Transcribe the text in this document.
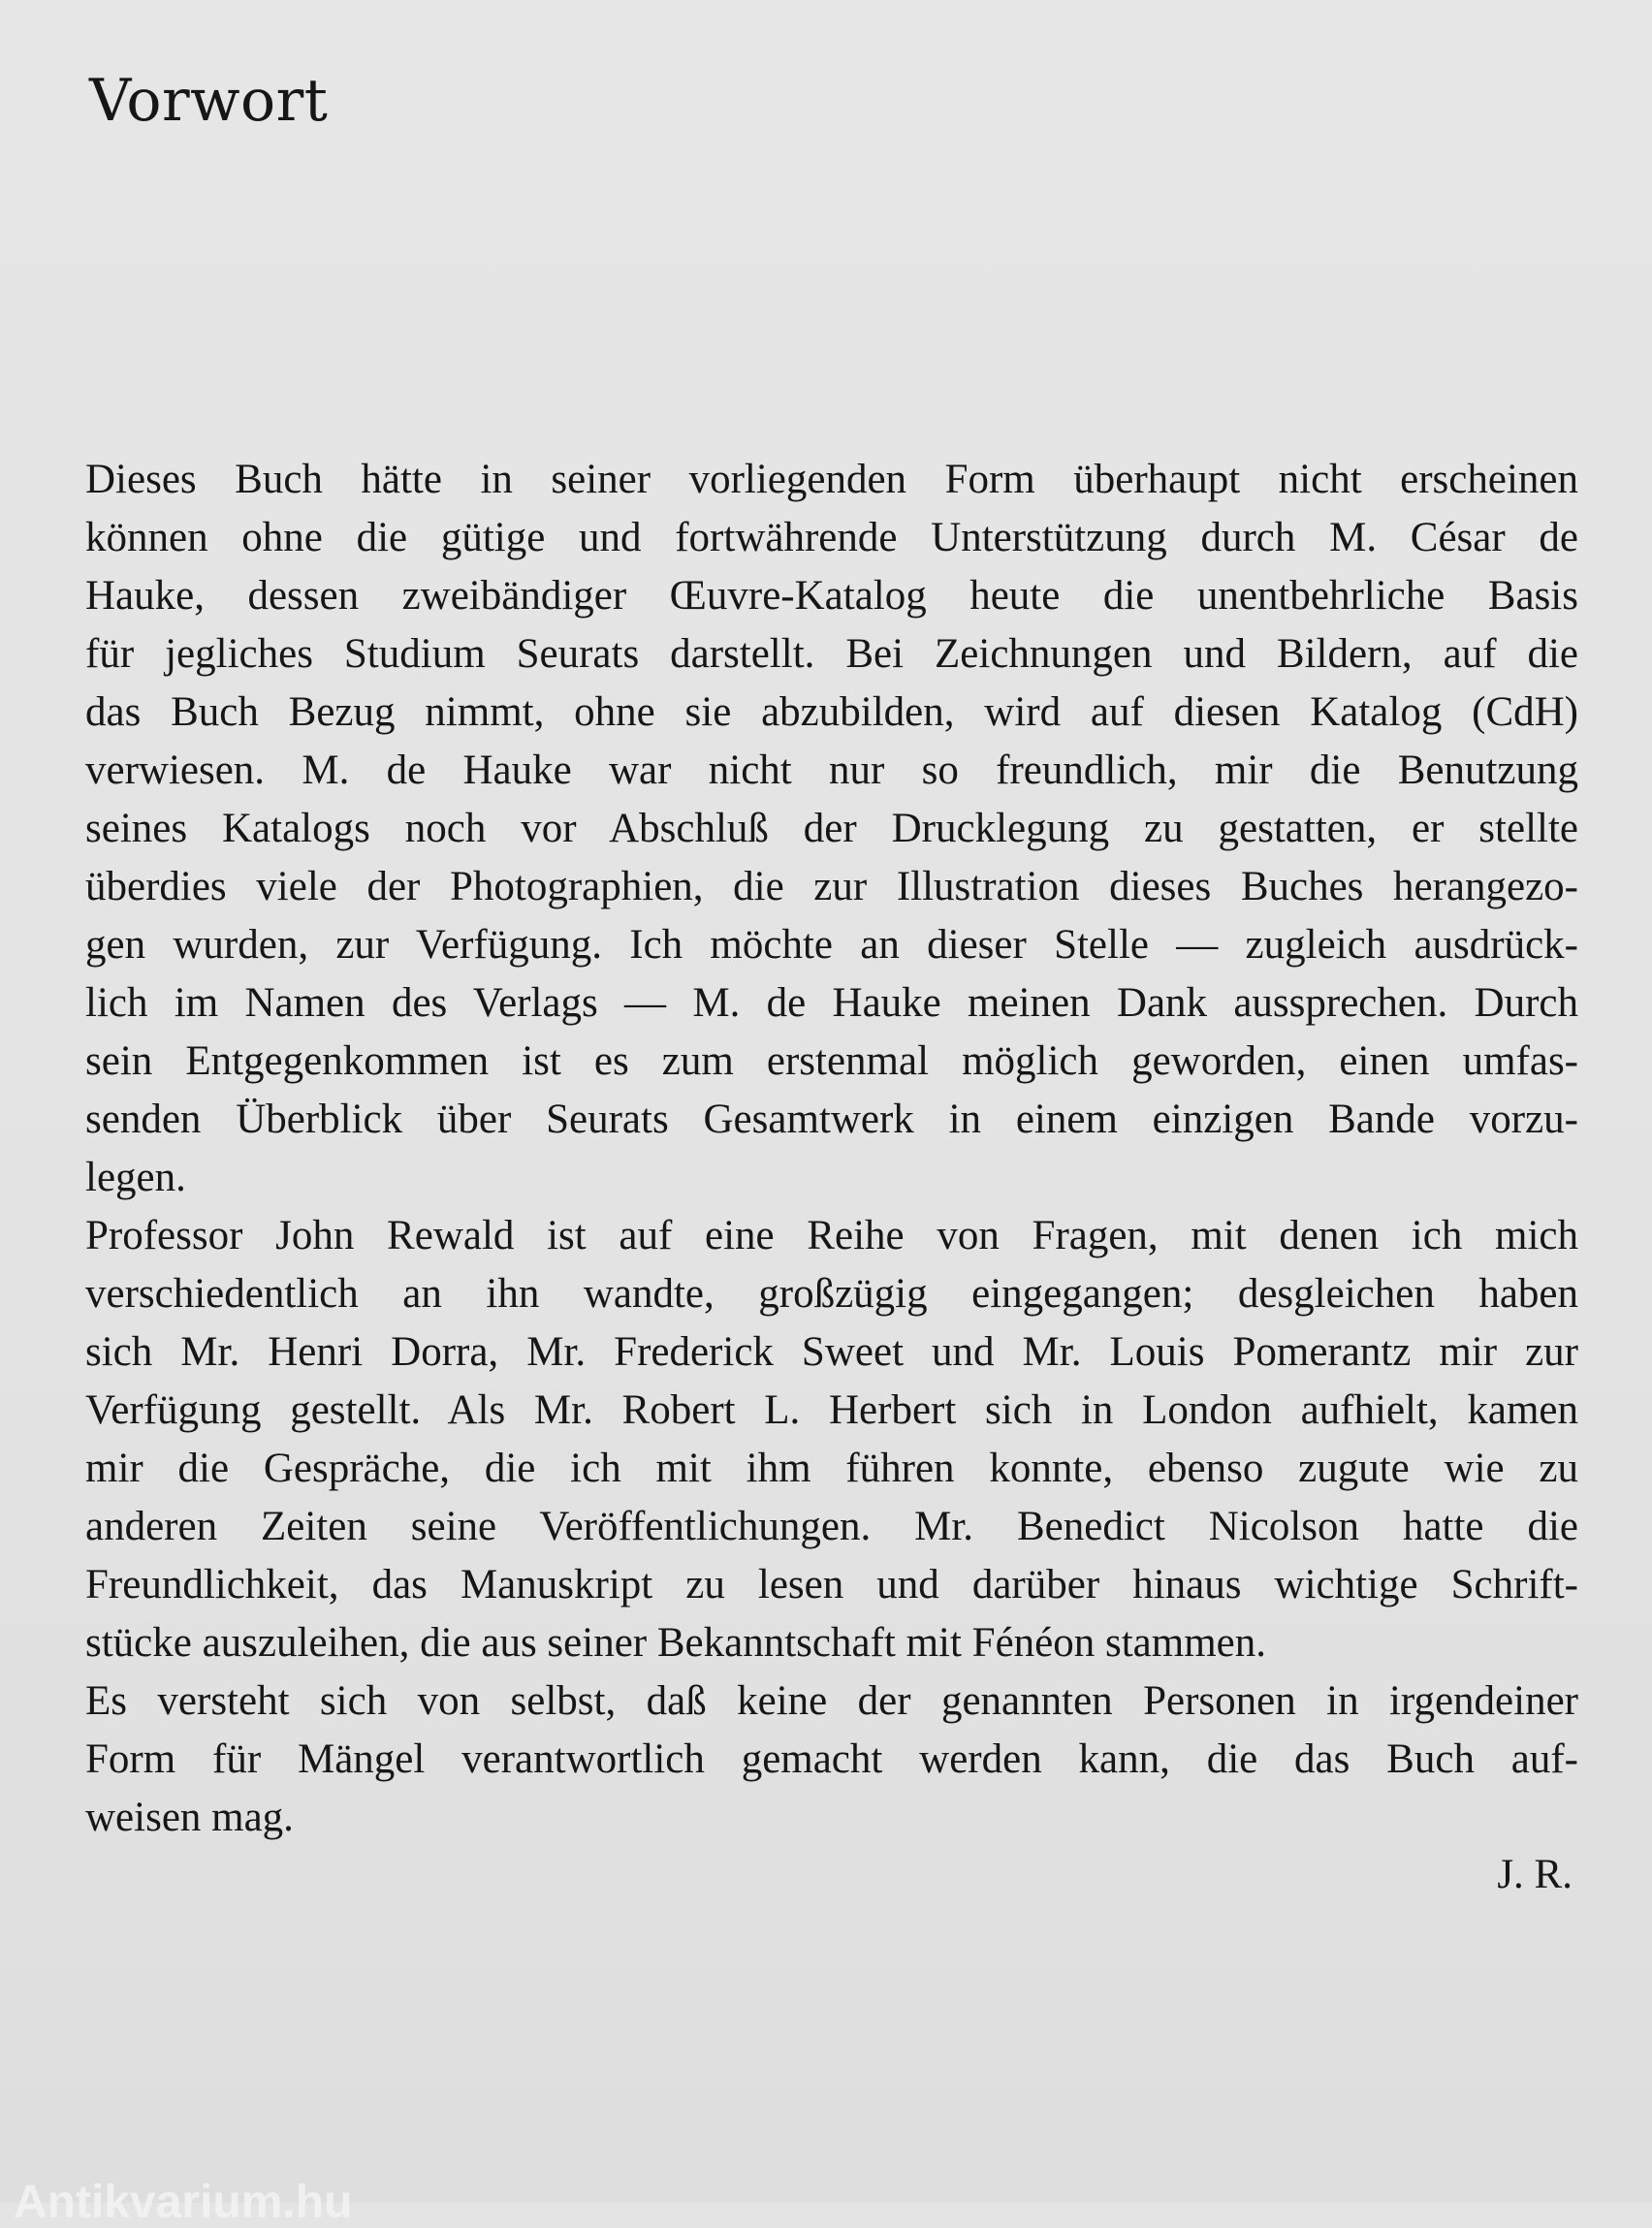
Vorwort
Dieses Buch hätte in seiner vorliegenden Form überhaupt nicht erscheinen
können ohne die gütige und fortwährende Unterstützung durch M. César de
Hauke, dessen zweibändiger Œuvre-Katalog heute die unentbehrliche Basis
für jegliches Studium Seurats darstellt. Bei Zeichnungen und Bildern, auf die
das Buch Bezug nimmt, ohne sie abzubilden, wird auf diesen Katalog (CdH)
verwiesen. M. de Hauke war nicht nur so freundlich, mir die Benutzung
seines Katalogs noch vor Abschluß der Drucklegung zu gestatten, er stellte
überdies viele der Photographien, die zur Illustration dieses Buches herangezo-
gen wurden, zur Verfügung. Ich möchte an dieser Stelle — zugleich ausdrück-
lich im Namen des Verlags — M. de Hauke meinen Dank aussprechen. Durch
sein Entgegenkommen ist es zum erstenmal möglich geworden, einen umfas-
senden Überblick über Seurats Gesamtwerk in einem einzigen Bande vorzu-
legen.
Professor John Rewald ist auf eine Reihe von Fragen, mit denen ich mich
verschiedentlich an ihn wandte, großzügig eingegangen; desgleichen haben
sich Mr. Henri Dorra, Mr. Frederick Sweet und Mr. Louis Pomerantz mir zur
Verfügung gestellt. Als Mr. Robert L. Herbert sich in London aufhielt, kamen
mir die Gespräche, die ich mit ihm führen konnte, ebenso zugute wie zu
anderen Zeiten seine Veröffentlichungen. Mr. Benedict Nicolson hatte die
Freundlichkeit, das Manuskript zu lesen und darüber hinaus wichtige Schrift-
stücke auszuleihen, die aus seiner Bekanntschaft mit Fénéon stammen.
Es versteht sich von selbst, daß keine der genannten Personen in irgendeiner
Form für Mängel verantwortlich gemacht werden kann, die das Buch auf-
weisen mag.
J. R.
Antikvarium.hu
